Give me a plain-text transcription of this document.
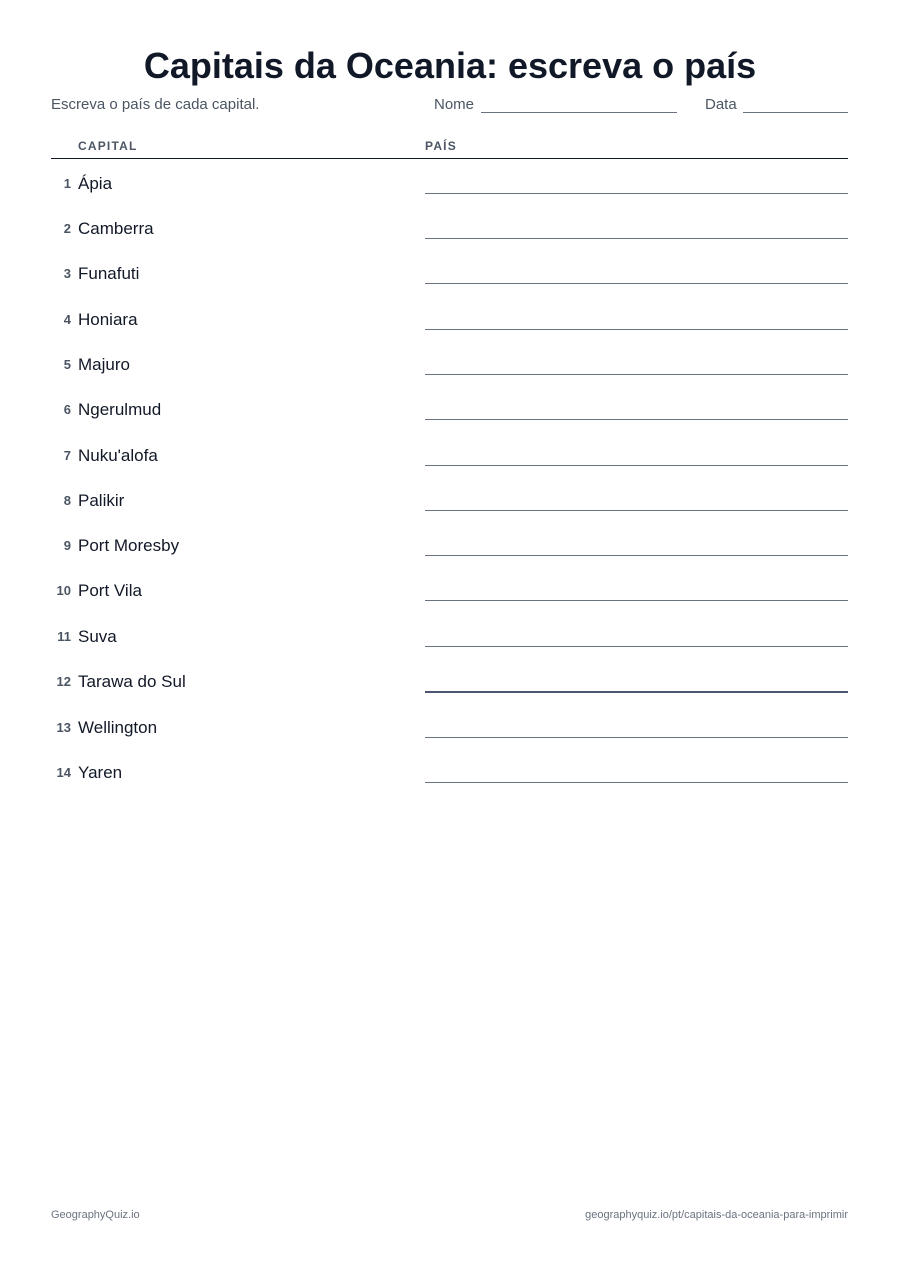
Capitais da Oceania: escreva o país
Escreva o país de cada capital.	Nome	Data
CAPITAL	PAÍS
1 Ápia
2 Camberra
3 Funafuti
4 Honiara
5 Majuro
6 Ngerulmud
7 Nuku'alofa
8 Palikir
9 Port Moresby
10 Port Vila
11 Suva
12 Tarawa do Sul
13 Wellington
14 Yaren
GeographyQuiz.io	geographyquiz.io/pt/capitais-da-oceania-para-imprimir
